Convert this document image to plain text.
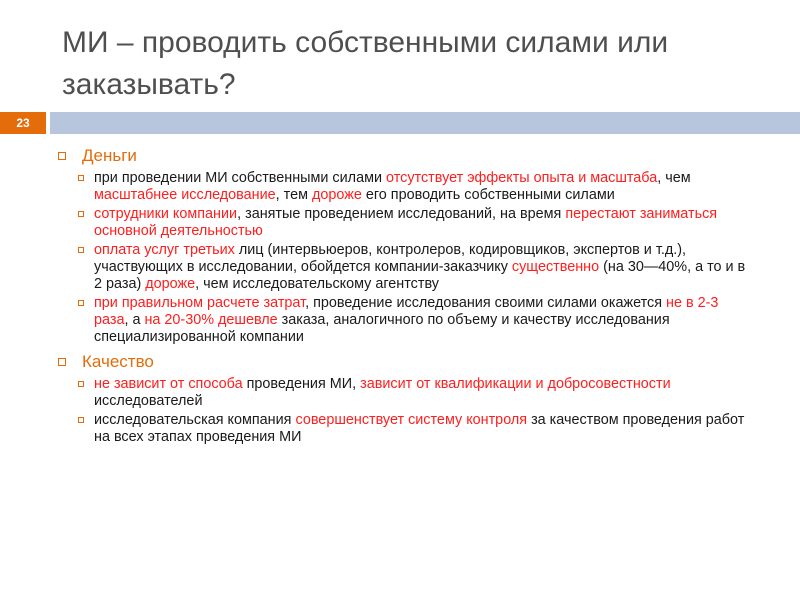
МИ – проводить собственными силами или заказывать?
23
Деньги
при проведении МИ собственными силами отсутствует эффекты опыта и масштаба, чем масштабнее исследование, тем дороже его проводить собственными силами
сотрудники компании, занятые проведением исследований, на время перестают заниматься основной деятельностью
оплата услуг третьих лиц (интервьюеров, контролеров, кодировщиков, экспертов и т.д.), участвующих в исследовании, обойдется компании-заказчику существенно (на 30—40%, а то и в 2 раза) дороже, чем исследовательскому агентству
при правильном расчете затрат, проведение исследования своими силами окажется не в 2-3 раза, а на 20-30% дешевле заказа, аналогичного по объему и качеству исследования специализированной компании
Качество
не зависит от способа проведения МИ, зависит от квалификации и добросовестности исследователей
исследовательская компания совершенствует систему контроля за качеством проведения работ на всех этапах проведения МИ
